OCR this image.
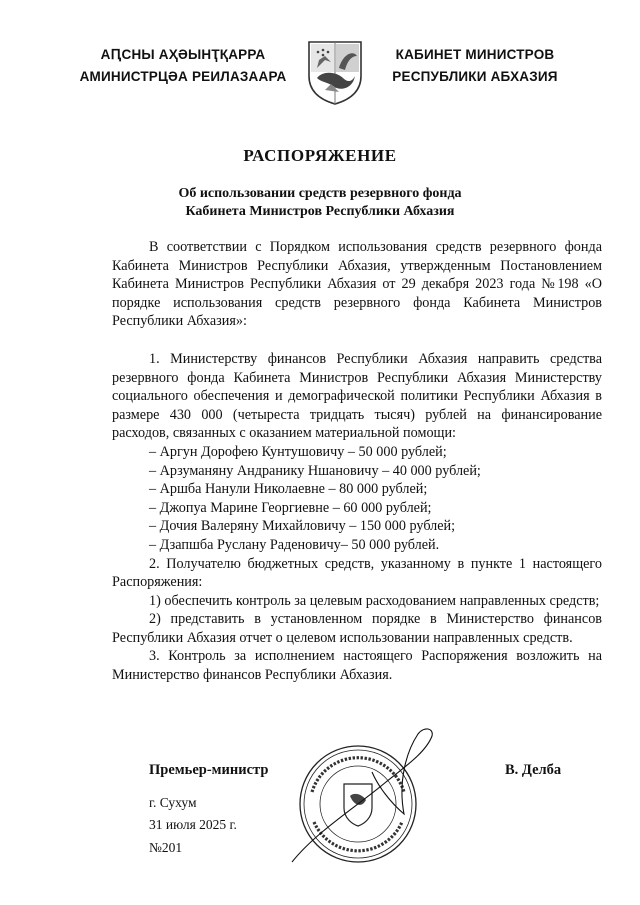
АԤСНЫ АҲӘЫНҬҚАРРА
АМИНИСТРЦӘА РЕИЛАЗААРА
КАБИНЕТ МИНИСТРОВ
РЕСПУБЛИКИ АБХАЗИЯ
РАСПОРЯЖЕНИЕ
Об использовании средств резервного фонда
Кабинета Министров Республики Абхазия

В соответствии с Порядком использования средств резервного фонда Кабинета Министров Республики Абхазия, утвержденным Постановлением Кабинета Министров Республики Абхазия от 29 декабря 2023 года №198 «О порядке использования средств резервного фонда Кабинета Министров Республики Абхазия»:

1. Министерству финансов Республики Абхазия направить средства резервного фонда Кабинета Министров Республики Абхазия Министерству социального обеспечения и демографической политики Республики Абхазия в размере 430 000 (четыреста тридцать тысяч) рублей на финансирование расходов, связанных с оказанием материальной помощи:

– Аргун Дорофею Кунтушовичу – 50 000 рублей;

– Арзуманяну Андранику Ншановичу – 40 000 рублей;

– Аршба Нанули Николаевне – 80 000 рублей;

– Джопуа Марине Георгиевне – 60 000 рублей;

– Дочия Валеряну Михайловичу – 150 000 рублей;

– Дзапшба Руслану Раденовичу– 50 000 рублей.

2. Получателю бюджетных средств, указанному в пункте 1 настоящего Распоряжения:

1) обеспечить контроль за целевым расходованием направленных средств;

2) представить в установленном порядке в Министерство финансов Республики Абхазия отчет о целевом использовании направленных средств.

3. Контроль за исполнением настоящего Распоряжения возложить на Министерство финансов Республики Абхазия.

Премьер-министр	В. Делба
г. Сухум
31 июля 2025 г.
№201
